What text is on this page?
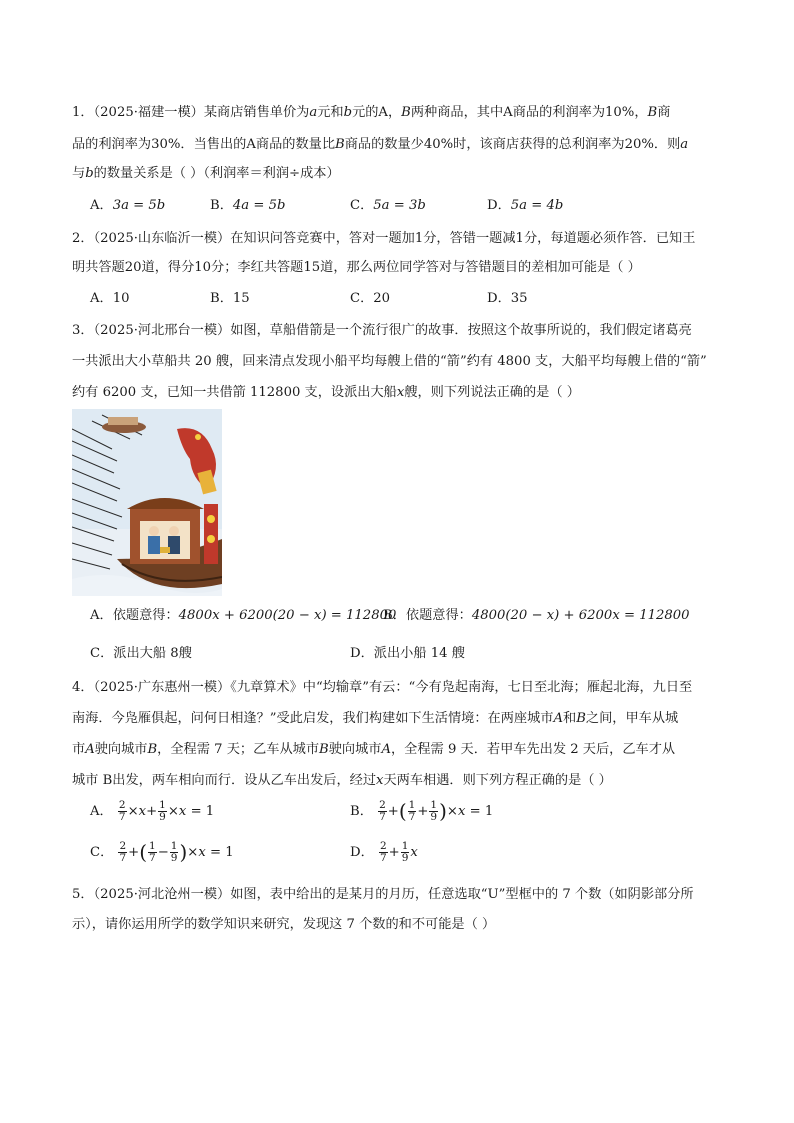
1．（2025·福建一模）某商店销售单价为a元和b元的A，B两种商品，其中A商品的利润率为10%，B商
品的利润率为30%．当售出的A商品的数量比B商品的数量少40%时，该商店获得的总利润率为20%．则a
与b的数量关系是（ ）（利润率＝利润÷成本）
A．3a = 5b	B．4a = 5b	C．5a = 3b	D．5a = 4b
2．（2025·山东临沂一模）在知识问答竞赛中，答对一题加1分，答错一题减1分，每道题必须作答．已知王
明共答题20道，得分10分；李红共答题15道，那么两位同学答对与答错题目的差相加可能是（ ）
A．10	B．15	C．20	D．35
3．（2025·河北邢台一模）如图，草船借箭是一个流行很广的故事．按照这个故事所说的，我们假定诸葛亮
一共派出大小草船共 20 艘，回来清点发现小船平均每艘上借的“箭”约有 4800 支，大船平均每艘上借的“箭”
约有 6200 支，已知一共借箭 112800 支，设派出大船x艘，则下列说法正确的是（ ）
A．依题意得：4800x + 6200(20 − x) = 112800
B．依题意得：4800(20 − x) + 6200x = 112800
C．派出大船 8艘	D．派出小船 14 艘
4．（2025·广东惠州一模）《九章算术》中“均输章”有云：“今有凫起南海，七日至北海；雁起北海，九日至
南海．今凫雁俱起，问何日相逢？”受此启发，我们构建如下生活情境：在两座城市A和B之间，甲车从城
市A驶向城市B，全程需 7 天；乙车从城市B驶向城市A，全程需 9 天．若甲车先出发 2 天后，乙车才从
城市 B出发，两车相向而行．设从乙车出发后，经过x天两车相遇．则下列方程正确的是（ ）
A． $\frac{2}{7} \times x+ \frac{1}{9} \times x = 1$	B． $\frac{2}{7}$ +( $\frac{1}{7} + \frac{1}{9} )\times x = 1$
C． $\frac{2}{7}$ +( $\frac{1}{7} - \frac{1}{9} )\times x = 1$	D． $\frac{2}{7} + \frac{1}{9}$ x
5．（2025·河北沧州一模）如图，表中给出的是某月的月历，任意选取“U”型框中的 7 个数（如阴影部分所
示），请你运用所学的数学知识来研究，发现这 7 个数的和不可能是（ ）
